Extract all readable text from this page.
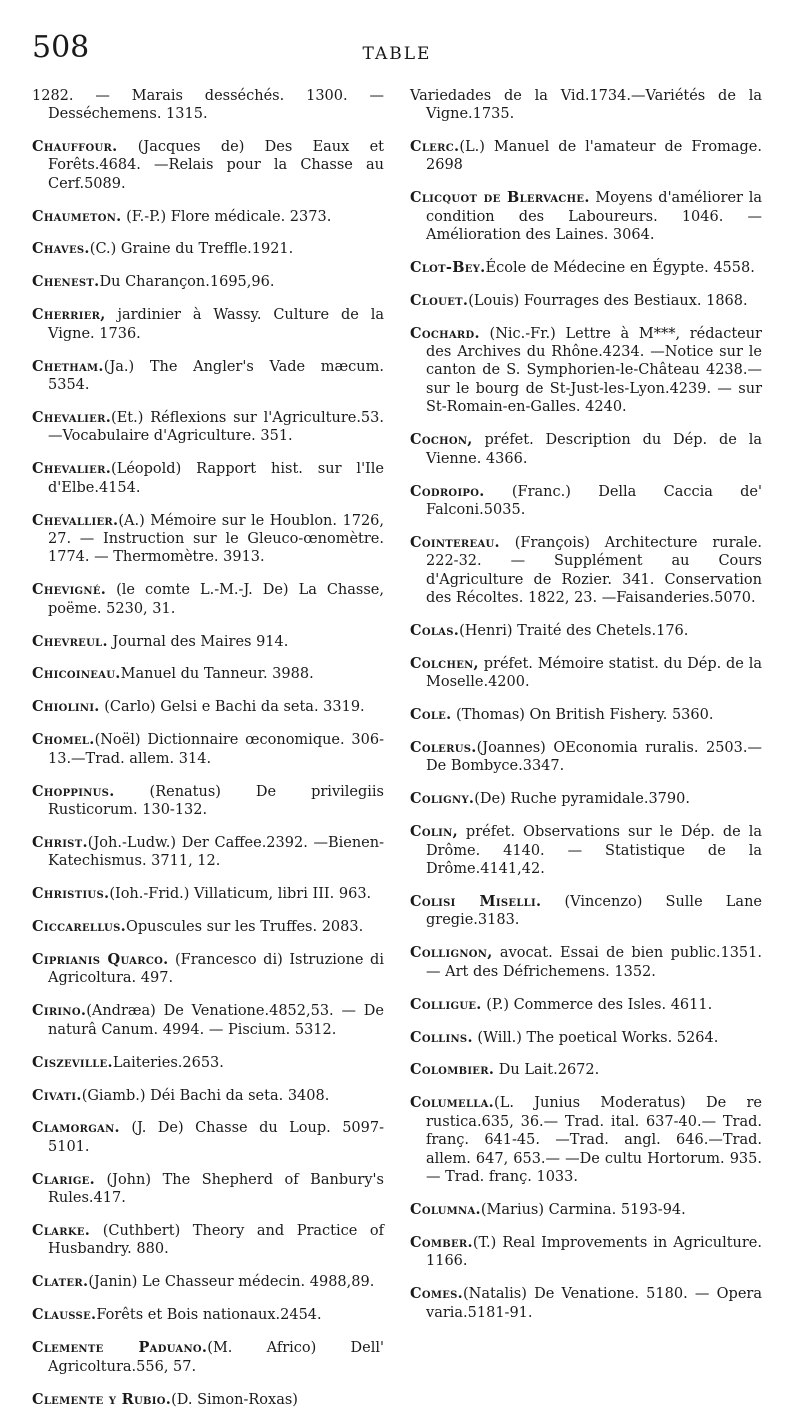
508	TABLE

1282. — Marais desséchés. 1300. — Desséchemens. 1315.

Chauffour. (Jacques de) Des Eaux et Forêts.4684. —Relais pour la Chasse au Cerf.5089.

Chaumeton. (F.-P.) Flore médicale. 2373.

Chaves.(C.) Graine du Treffle.1921.

Chenest.Du Charançon.1695,96.

Cherrier, jardinier à Wassy. Culture de la Vigne. 1736.

Chetham.(Ja.) The Angler's Vade mæcum. 5354.

Chevalier.(Et.) Réflexions sur l'Agriculture.53.—Vocabulaire d'Agriculture. 351.

Chevalier.(Léopold) Rapport hist. sur l'Ile d'Elbe.4154.

Chevallier.(A.) Mémoire sur le Houblon. 1726, 27. — Instruction sur le Gleuco-œnomètre. 1774. — Thermomètre. 3913.

Chevigné. (le comte L.-M.-J. De) La Chasse, poëme. 5230, 31.

Chevreul. Journal des Maires 914.

Chicoineau.Manuel du Tanneur. 3988.

Chiolini. (Carlo) Gelsi e Bachi da seta. 3319.

Chomel.(Noël) Dictionnaire œconomique. 306-13.—Trad. allem. 314.

Choppinus. (Renatus) De privilegiis Rusticorum. 130-132.

Christ.(Joh.-Ludw.) Der Caffee.2392. —Bienen-Katechismus. 3711, 12.

Christius.(Ioh.-Frid.) Villaticum, libri III. 963.

Ciccarellus.Opuscules sur les Truffes. 2083.

Ciprianis Quarco. (Francesco di) Istruzione di Agricoltura. 497.

Cirino.(Andræa) De Venatione.4852,53. — De naturâ Canum. 4994. — Piscium. 5312.

Ciszeville.Laiteries.2653.

Civati.(Giamb.) Déi Bachi da seta. 3408.

Clamorgan. (J. De) Chasse du Loup. 5097-5101.

Clarige. (John) The Shepherd of Banbury's Rules.417.

Clarke. (Cuthbert) Theory and Practice of Husbandry. 880.

Clater.(Janin) Le Chasseur médecin. 4988,89.

Clausse.Forêts et Bois nationaux.2454.

Clemente Paduano.(M. Africo) Dell' Agricoltura.556, 57.

Clemente y Rubio.(D. Simon-Roxas)

Variedades de la Vid.1734.—Variétés de la Vigne.1735.

Clerc.(L.) Manuel de l'amateur de Fromage. 2698

Clicquot de Blervache. Moyens d'améliorer la condition des Laboureurs. 1046. — Amélioration des Laines. 3064.

Clot-Bey.École de Médecine en Égypte. 4558.

Clouet.(Louis) Fourrages des Bestiaux. 1868.

Cochard. (Nic.-Fr.) Lettre à M***, rédacteur des Archives du Rhône.4234. —Notice sur le canton de S. Symphorien-le-Château 4238.— sur le bourg de St-Just-les-Lyon.4239. — sur St-Romain-en-Galles. 4240.

Cochon, préfet. Description du Dép. de la Vienne. 4366.

Codroipo. (Franc.) Della Caccia de' Falconi.5035.

Cointereau. (François) Architecture rurale. 222-32. — Supplément au Cours d'Agriculture de Rozier. 341. Conservation des Récoltes. 1822, 23. —Faisanderies.5070.

Colas.(Henri) Traité des Chetels.176.

Colchen, préfet. Mémoire statist. du Dép. de la Moselle.4200.

Cole. (Thomas) On British Fishery. 5360.

Colerus.(Joannes) OEconomia ruralis. 2503.—De Bombyce.3347.

Coligny.(De) Ruche pyramidale.3790.

Colin, préfet. Observations sur le Dép. de la Drôme. 4140. — Statistique de la Drôme.4141,42.

Colisi Miselli. (Vincenzo) Sulle Lane gregie.3183.

Collignon, avocat. Essai de bien public.1351. — Art des Défrichemens. 1352.

Colligue. (P.) Commerce des Isles. 4611.

Collins. (Will.) The poetical Works. 5264.

Colombier. Du Lait.2672.

Columella.(L. Junius Moderatus) De re rustica.635, 36.— Trad. ital. 637-40.— Trad. franç. 641-45. —Trad. angl. 646.—Trad. allem. 647, 653.— —De cultu Hortorum. 935. — Trad. franç. 1033.

Columna.(Marius) Carmina. 5193-94.

Comber.(T.) Real Improvements in Agriculture. 1166.

Comes.(Natalis) De Venatione. 5180. — Opera varia.5181-91.
